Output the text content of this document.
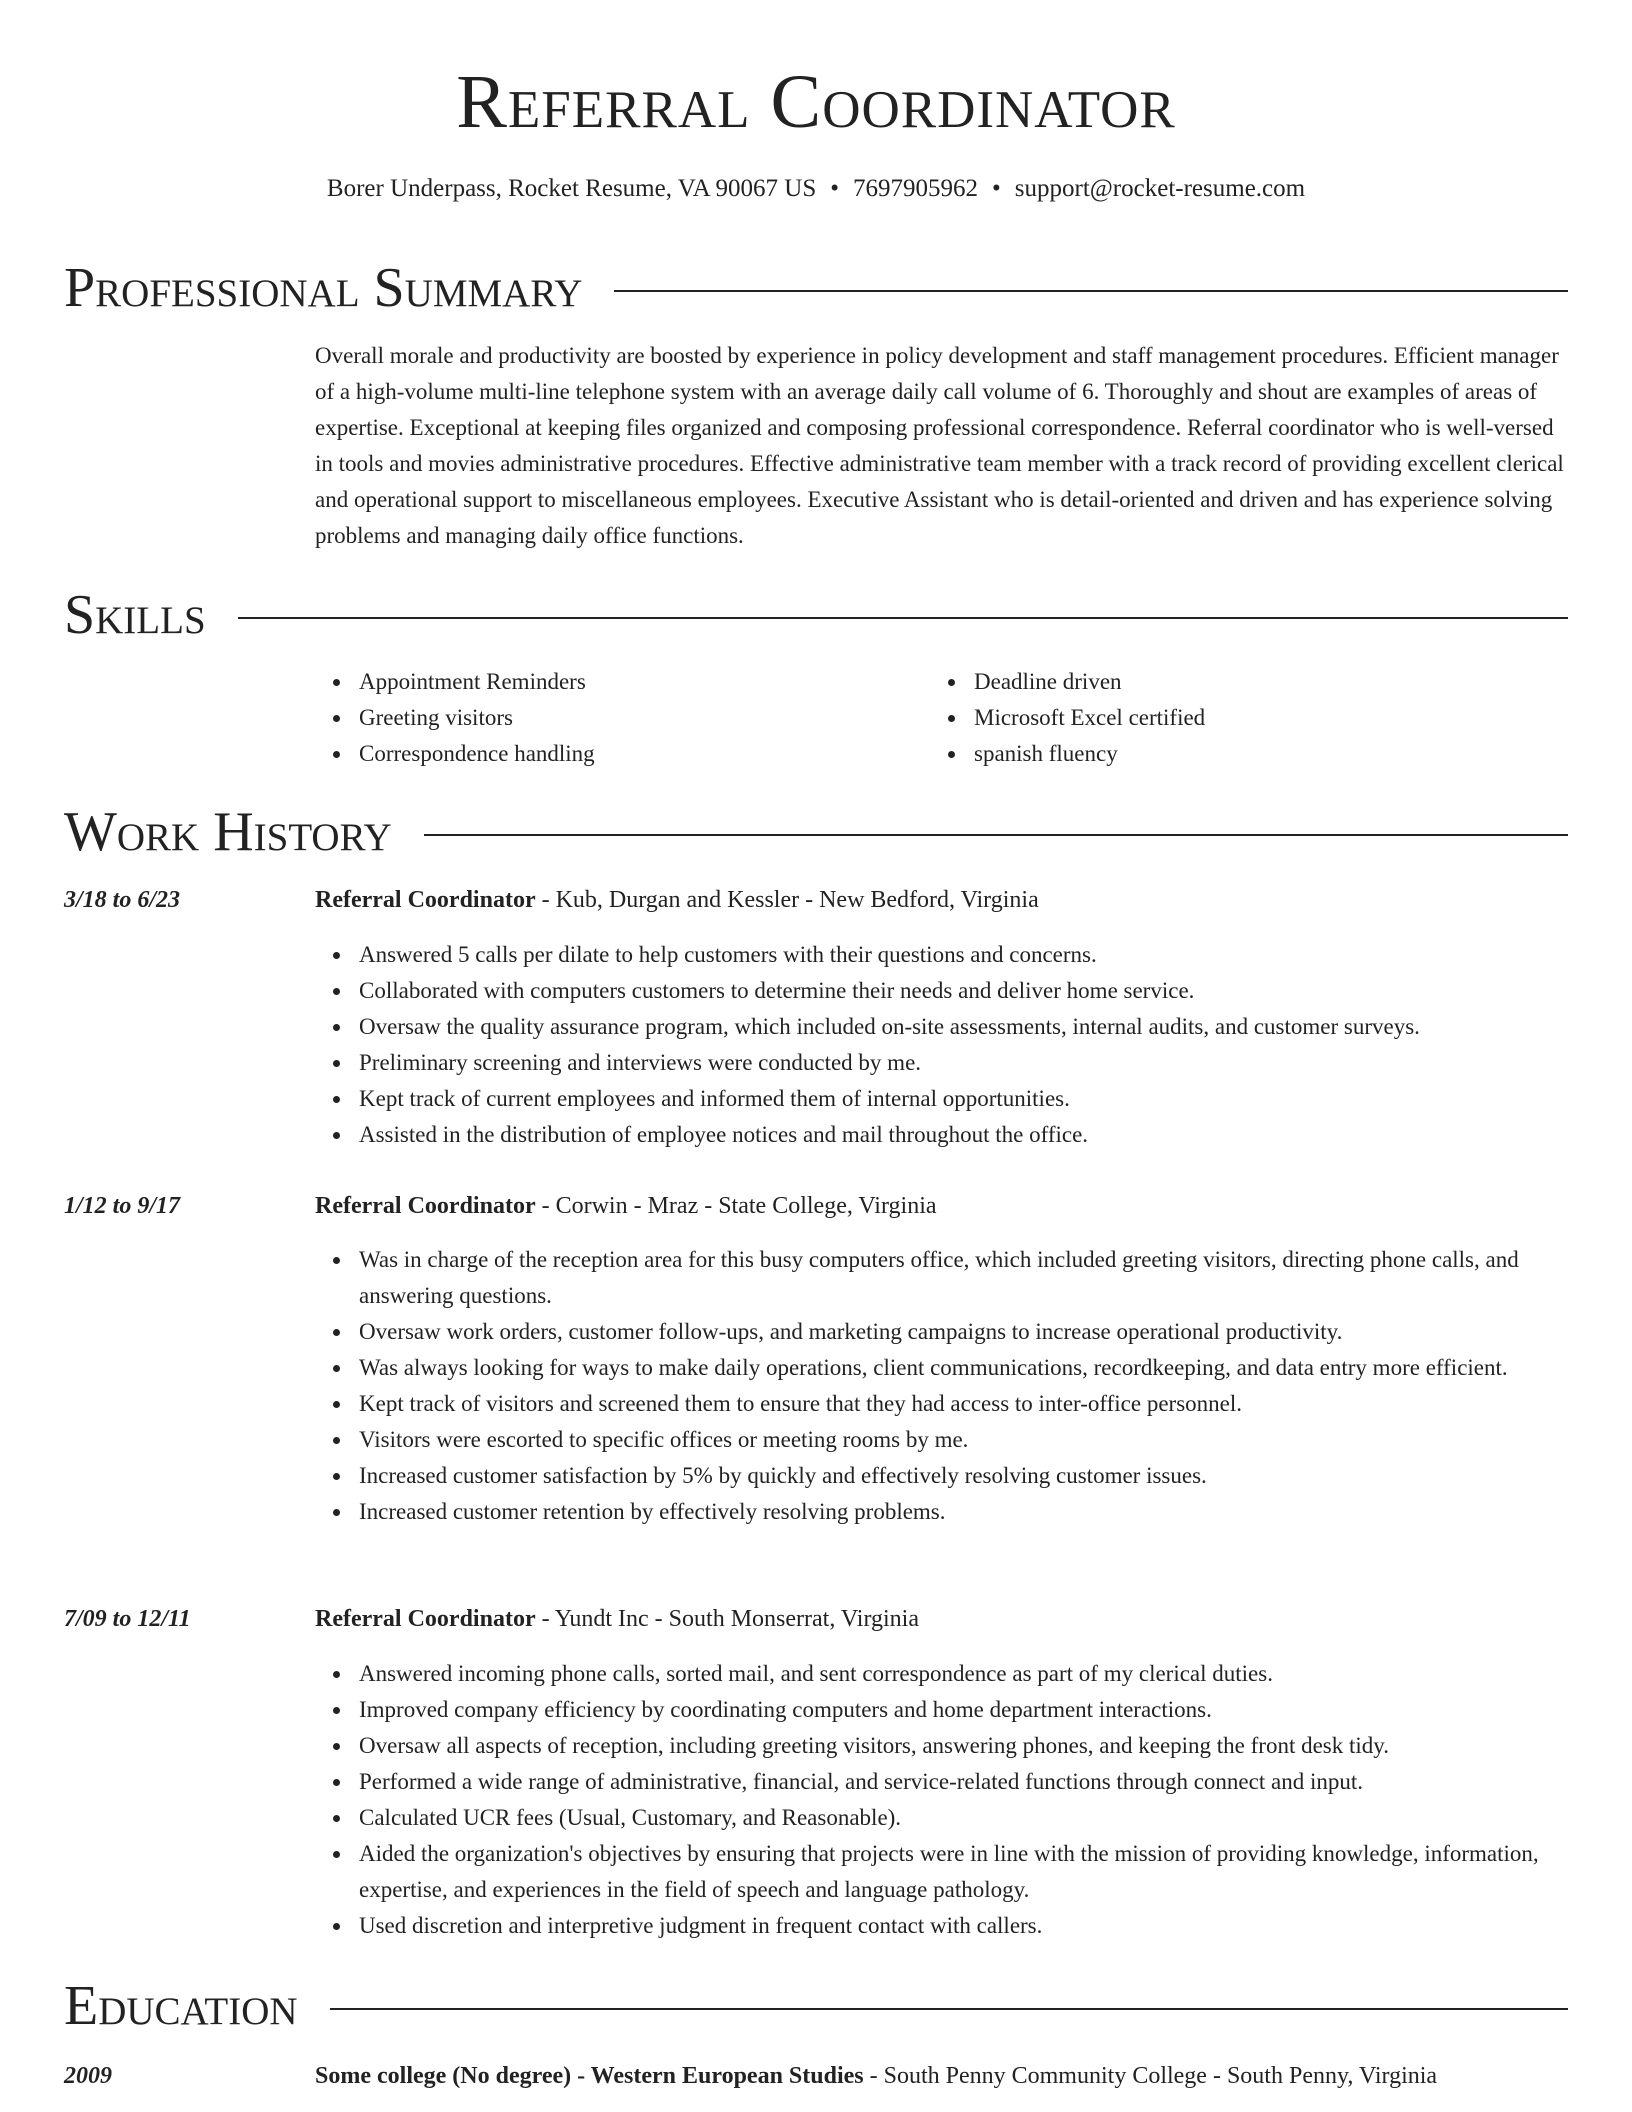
Referral Coordinator
Borer Underpass, Rocket Resume, VA 90067 US • 7697905962 • support@rocket-resume.com
Professional Summary
Overall morale and productivity are boosted by experience in policy development and staff management procedures. Efficient manager of a high-volume multi-line telephone system with an average daily call volume of 6. Thoroughly and shout are examples of areas of expertise. Exceptional at keeping files organized and composing professional correspondence. Referral coordinator who is well-versed in tools and movies administrative procedures. Effective administrative team member with a track record of providing excellent clerical and operational support to miscellaneous employees. Executive Assistant who is detail-oriented and driven and has experience solving problems and managing daily office functions.
Skills
Appointment Reminders
Greeting visitors
Correspondence handling
Deadline driven
Microsoft Excel certified
spanish fluency
Work History
3/18 to 6/23	Referral Coordinator - Kub, Durgan and Kessler - New Bedford, Virginia
Answered 5 calls per dilate to help customers with their questions and concerns.
Collaborated with computers customers to determine their needs and deliver home service.
Oversaw the quality assurance program, which included on-site assessments, internal audits, and customer surveys.
Preliminary screening and interviews were conducted by me.
Kept track of current employees and informed them of internal opportunities.
Assisted in the distribution of employee notices and mail throughout the office.
1/12 to 9/17	Referral Coordinator - Corwin - Mraz - State College, Virginia
Was in charge of the reception area for this busy computers office, which included greeting visitors, directing phone calls, and answering questions.
Oversaw work orders, customer follow-ups, and marketing campaigns to increase operational productivity.
Was always looking for ways to make daily operations, client communications, recordkeeping, and data entry more efficient.
Kept track of visitors and screened them to ensure that they had access to inter-office personnel.
Visitors were escorted to specific offices or meeting rooms by me.
Increased customer satisfaction by 5% by quickly and effectively resolving customer issues.
Increased customer retention by effectively resolving problems.
7/09 to 12/11	Referral Coordinator - Yundt Inc - South Monserrat, Virginia
Answered incoming phone calls, sorted mail, and sent correspondence as part of my clerical duties.
Improved company efficiency by coordinating computers and home department interactions.
Oversaw all aspects of reception, including greeting visitors, answering phones, and keeping the front desk tidy.
Performed a wide range of administrative, financial, and service-related functions through connect and input.
Calculated UCR fees (Usual, Customary, and Reasonable).
Aided the organization's objectives by ensuring that projects were in line with the mission of providing knowledge, information, expertise, and experiences in the field of speech and language pathology.
Used discretion and interpretive judgment in frequent contact with callers.
Education
2009	Some college (No degree) - Western European Studies - South Penny Community College - South Penny, Virginia
